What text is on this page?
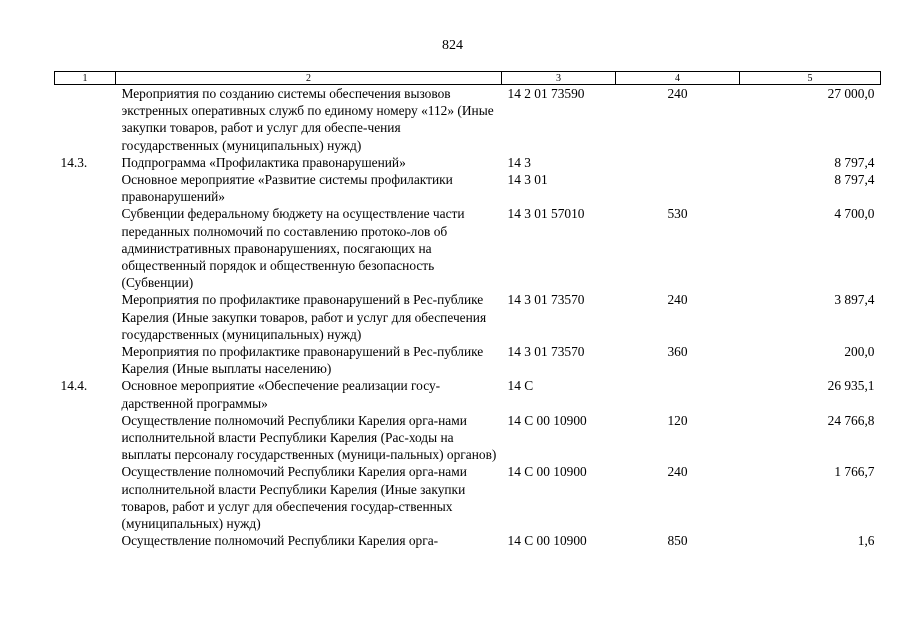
824
1	2	3	4	5
	Мероприятия по созданию системы обеспечения вызовов экстренных оперативных служб по единому номеру «112» (Иные закупки товаров, работ и услуг для обеспе-чения государственных (муниципальных) нужд)	14 2 01 73590	240	27 000,0
14.3.	Подпрограмма «Профилактика правонарушений»	14 3		8 797,4
	Основное мероприятие «Развитие системы профилактики правонарушений»	14 3 01		8 797,4
	Субвенции федеральному бюджету на осуществление части переданных полномочий по составлению протоко-лов об административных правонарушениях, посягающих на общественный порядок и общественную безопасность (Субвенции)	14 3 01 57010	530	4 700,0
	Мероприятия по профилактике правонарушений в Рес-публике Карелия (Иные закупки товаров, работ и услуг для обеспечения государственных (муниципальных) нужд)	14 3 01 73570	240	3 897,4
	Мероприятия по профилактике правонарушений в Рес-публике Карелия (Иные выплаты населению)	14 3 01 73570	360	200,0
14.4.	Основное мероприятие «Обеспечение реализации госу-дарственной программы»	14 С		26 935,1
	Осуществление полномочий Республики Карелия орга-нами исполнительной власти Республики Карелия (Рас-ходы на выплаты персоналу государственных (муници-пальных) органов)	14 С 00 10900	120	24 766,8
	Осуществление полномочий Республики Карелия орга-нами исполнительной власти Республики Карелия (Иные закупки товаров, работ и услуг для обеспечения государ-ственных (муниципальных) нужд)	14 С 00 10900	240	1 766,7
	Осуществление полномочий Республики Карелия орга-	14 С 00 10900	850	1,6
